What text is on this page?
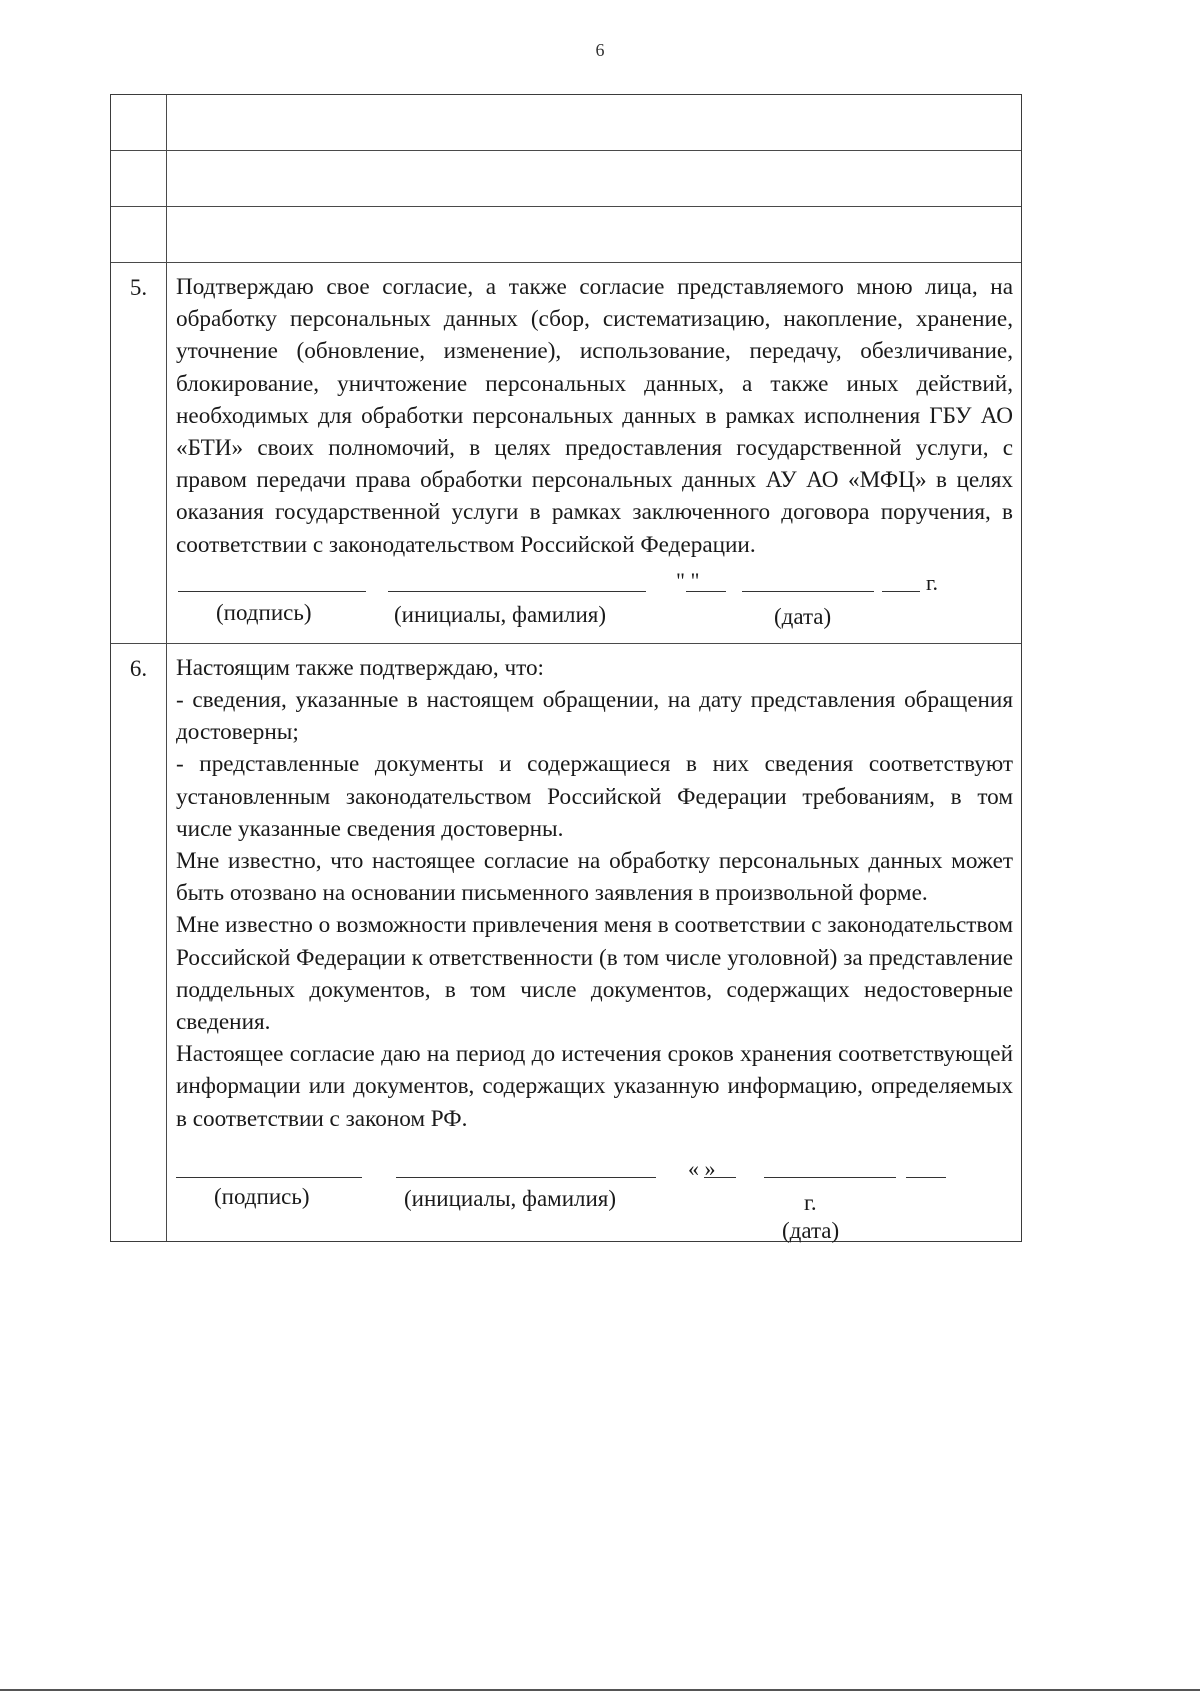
6
5.	Подтверждаю свое согласие, а также согласие представляемого мною лица, на обработку персональных данных (сбор, систематизацию, накопление, хранение, уточнение (обновление, изменение), использование, передачу, обезличивание, блокирование, уничтожение персональных данных, а также иных действий, необходимых для обработки персональных данных в рамках исполнения ГБУ АО «БТИ» своих полномочий, в целях предоставления государственной услуги, с правом передачи права обработки персональных данных АУ АО «МФЦ» в целях оказания государственной услуги в рамках заключенного договора поручения, в соответствии с законодательством Российской Федерации.

" "	г.
(подпись)	(инициалы, фамилия)	(дата)
6.	Настоящим также подтверждаю, что:

- сведения, указанные в настоящем обращении, на дату представления обращения достоверны;

- представленные документы и содержащиеся в них сведения соответствуют установленным законодательством Российской Федерации требованиям, в том числе указанные сведения достоверны.

Мне известно, что настоящее согласие на обработку персональных данных может быть отозвано на основании письменного заявления в произвольной форме.

Мне известно о возможности привлечения меня в соответствии с законодательством Российской Федерации к ответственности (в том числе уголовной) за представление поддельных документов, в том числе документов, содержащих недостоверные сведения.

Настоящее согласие даю на период до истечения сроков хранения соответствующей информации или документов, содержащих указанную информацию, определяемых в соответствии с законом РФ.

« »
(подпись)	(инициалы, фамилия)	г.
(дата)
